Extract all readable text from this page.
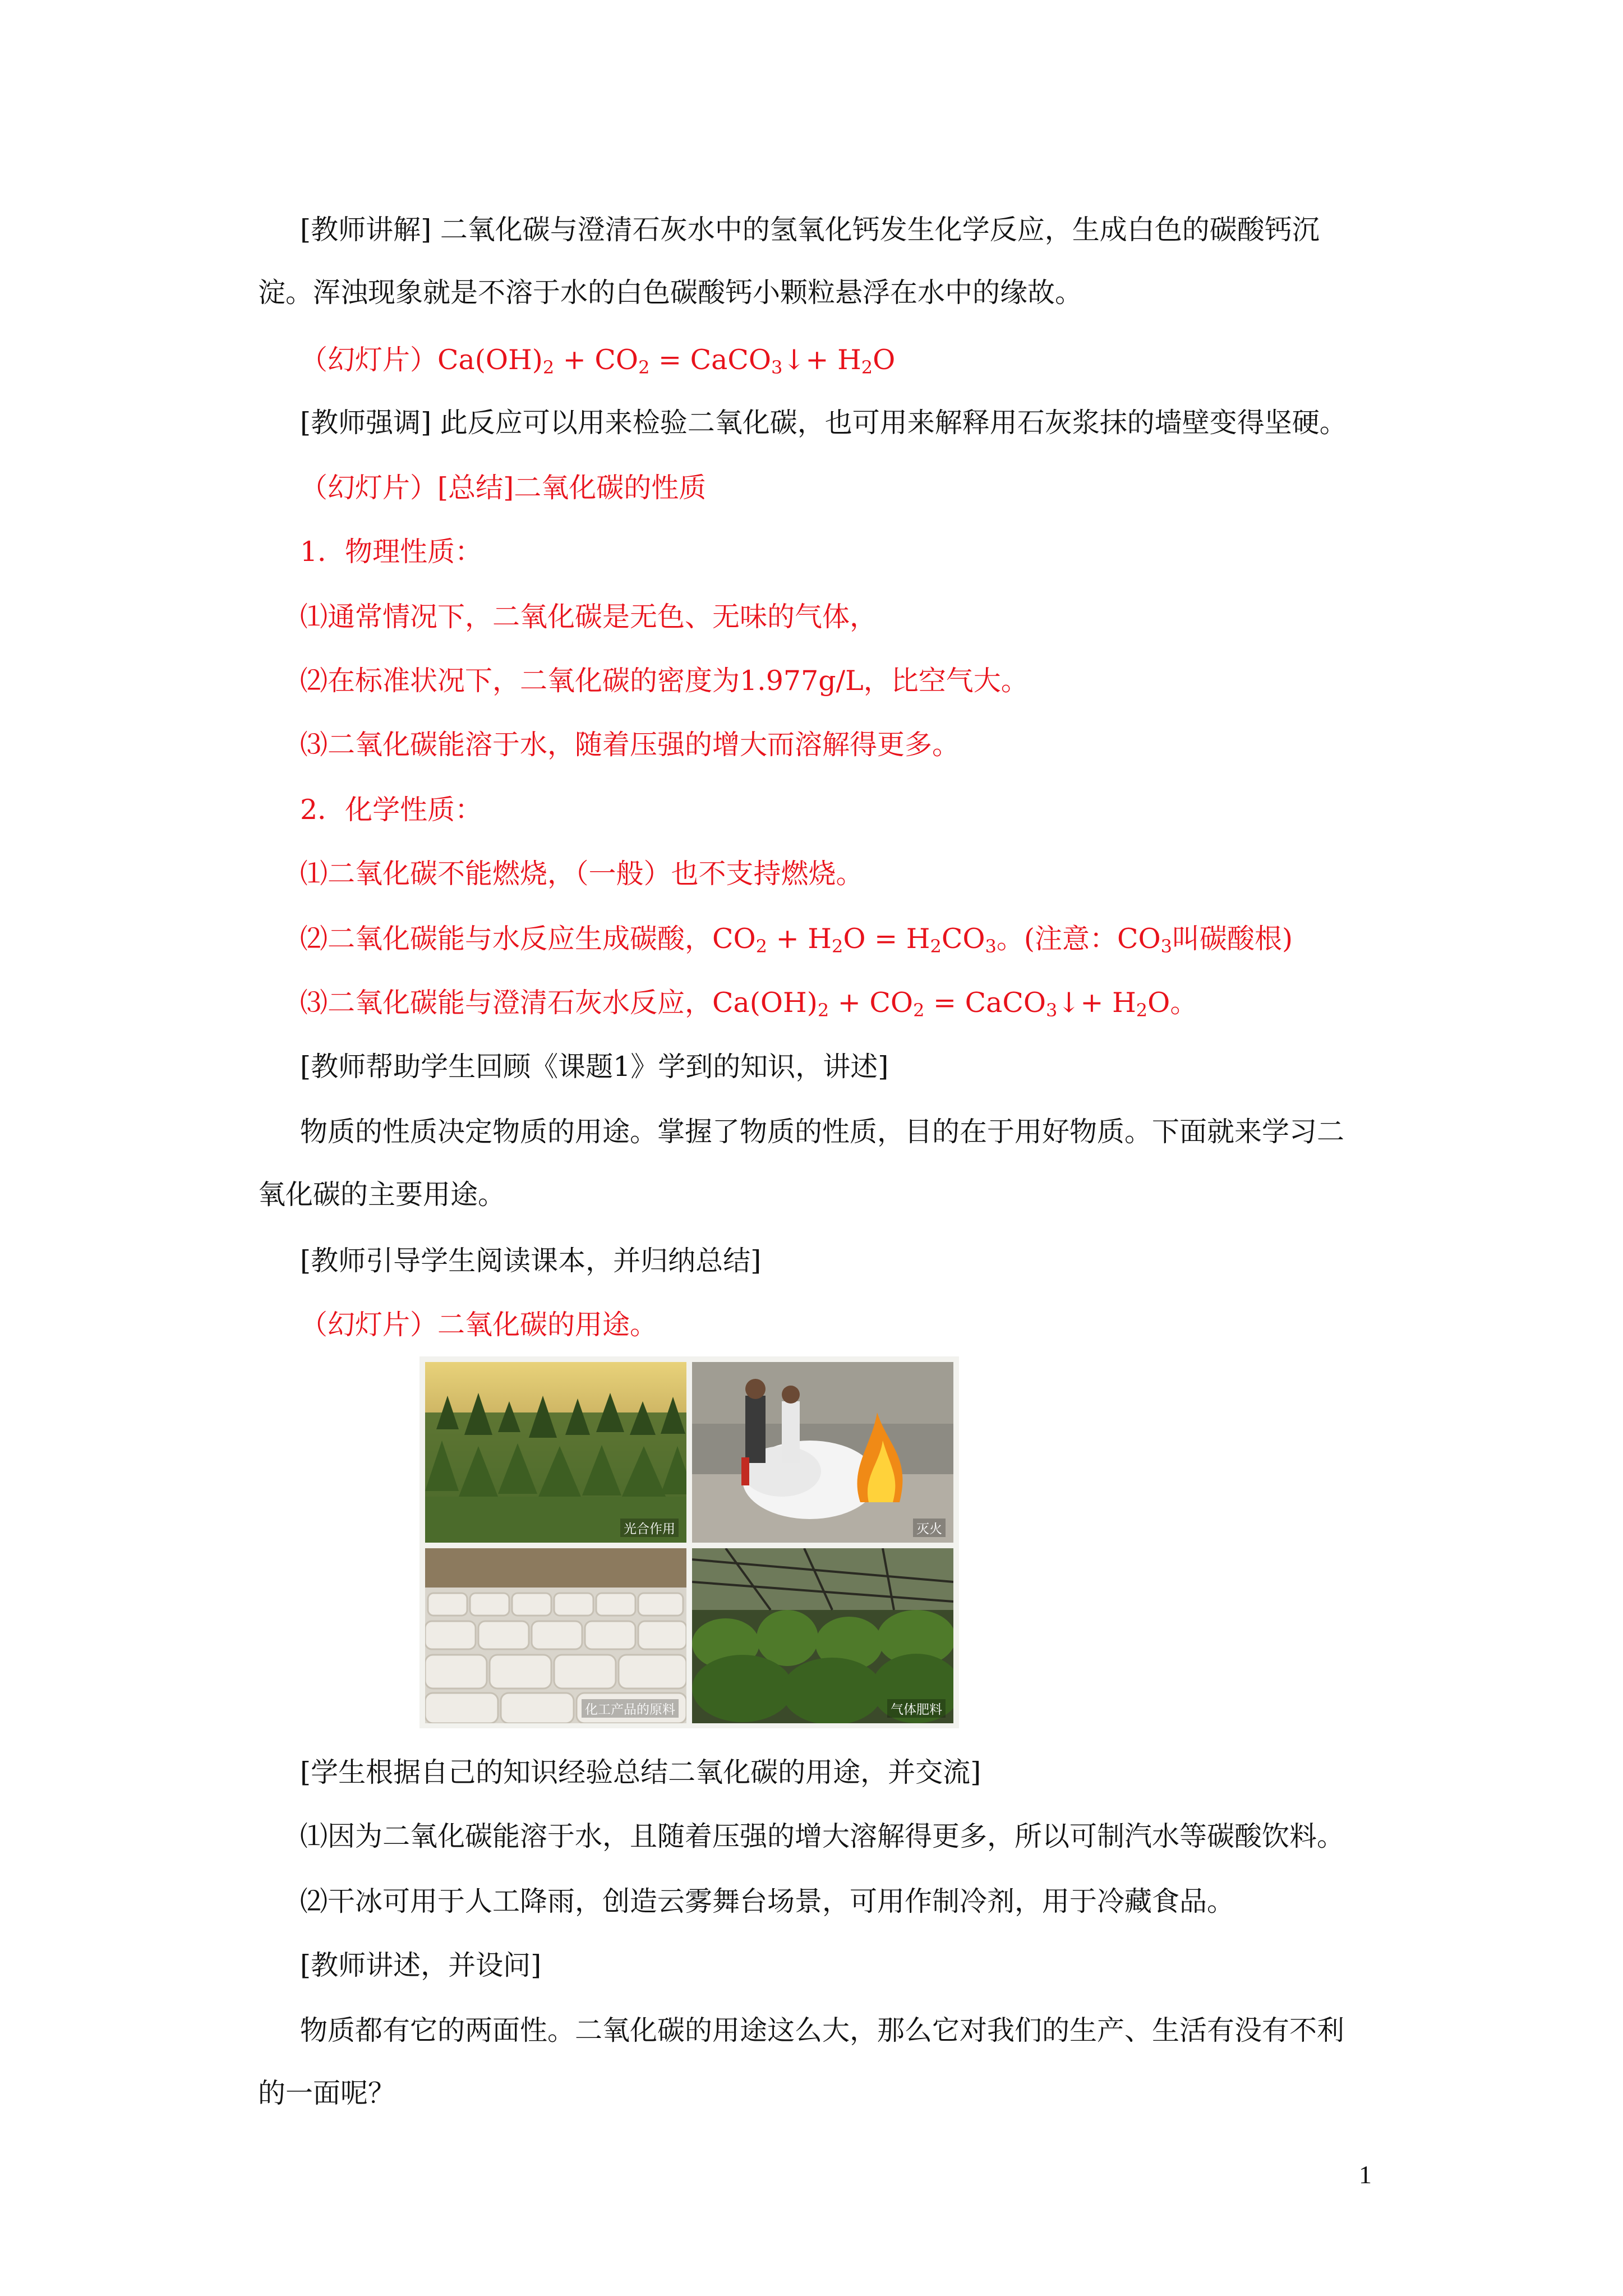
[教师讲解] 二氧化碳与澄清石灰水中的氢氧化钙发生化学反应，生成白色的碳酸钙沉
淀。浑浊现象就是不溶于水的白色碳酸钙小颗粒悬浮在水中的缘故。
（幻灯片）$Ca(OH)_2 + CO_2$ = CaCO$_3$↓+ $H_2O$
[教师强调] 此反应可以用来检验二氧化碳，也可用来解释用石灰浆抹的墙壁变得坚硬。
（幻灯片）[总结]二氧化碳的性质
1．物理性质：
⑴通常情况下，二氧化碳是无色、无味的气体，
⑵在标准状况下，二氧化碳的密度为1.977g/L，比空气大。
⑶二氧化碳能溶于水，随着压强的增大而溶解得更多。
2．化学性质：
⑴二氧化碳不能燃烧，（一般）也不支持燃烧。
⑵二氧化碳能与水反应生成碳酸，$CO_2 + H_2O = H_2CO_3$。(注意：$CO_3$叫碳酸根)
⑶二氧化碳能与澄清石灰水反应，$Ca(OH)_2 + CO_2$ = CaCO$_3$↓+ $H_2O$。
[教师帮助学生回顾《课题1》学到的知识，讲述]
物质的性质决定物质的用途。掌握了物质的性质，目的在于用好物质。下面就来学习二
氧化碳的主要用途。
[教师引导学生阅读课本，并归纳总结]
（幻灯片）二氧化碳的用途。
光合作用	灭火
化工产品的原料	气体肥料
[学生根据自己的知识经验总结二氧化碳的用途，并交流]
⑴因为二氧化碳能溶于水，且随着压强的增大溶解得更多，所以可制汽水等碳酸饮料。
⑵干冰可用于人工降雨，创造云雾舞台场景，可用作制冷剂，用于冷藏食品。
[教师讲述，并设问]
物质都有它的两面性。二氧化碳的用途这么大，那么它对我们的生产、生活有没有不利
的一面呢？
1
